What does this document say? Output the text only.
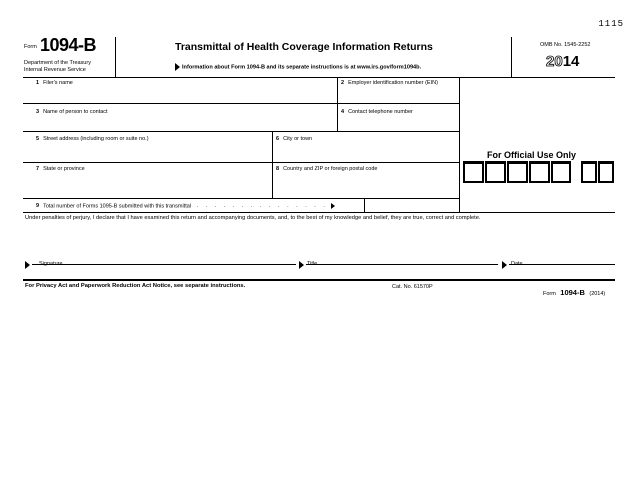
1115
Form 1094-B
Department of the Treasury
Internal Revenue Service
Transmittal of Health Coverage Information Returns
Information about Form 1094-B and its separate instructions is at www.irs.gov/form1094b.
OMB No. 1545-2252
2014
1 Filer's name	2 Employer identification number (EIN)
3 Name of person to contact	4 Contact telephone number
5 Street address (including room or suite no.)	6 City or town
7 State or province	8 Country and ZIP or foreign postal code
9 Total number of Forms 1095-B submitted with this transmittal . . . . . . . . . . . . . . .
For Official Use Only
Under penalties of perjury, I declare that I have examined this return and accompanying documents, and, to the best of my knowledge and belief, they are true, correct and complete.
Signature	Title	Date
For Privacy Act and Paperwork Reduction Act Notice, see separate instructions.	Cat. No. 61570P
Form 1094-B (2014)
